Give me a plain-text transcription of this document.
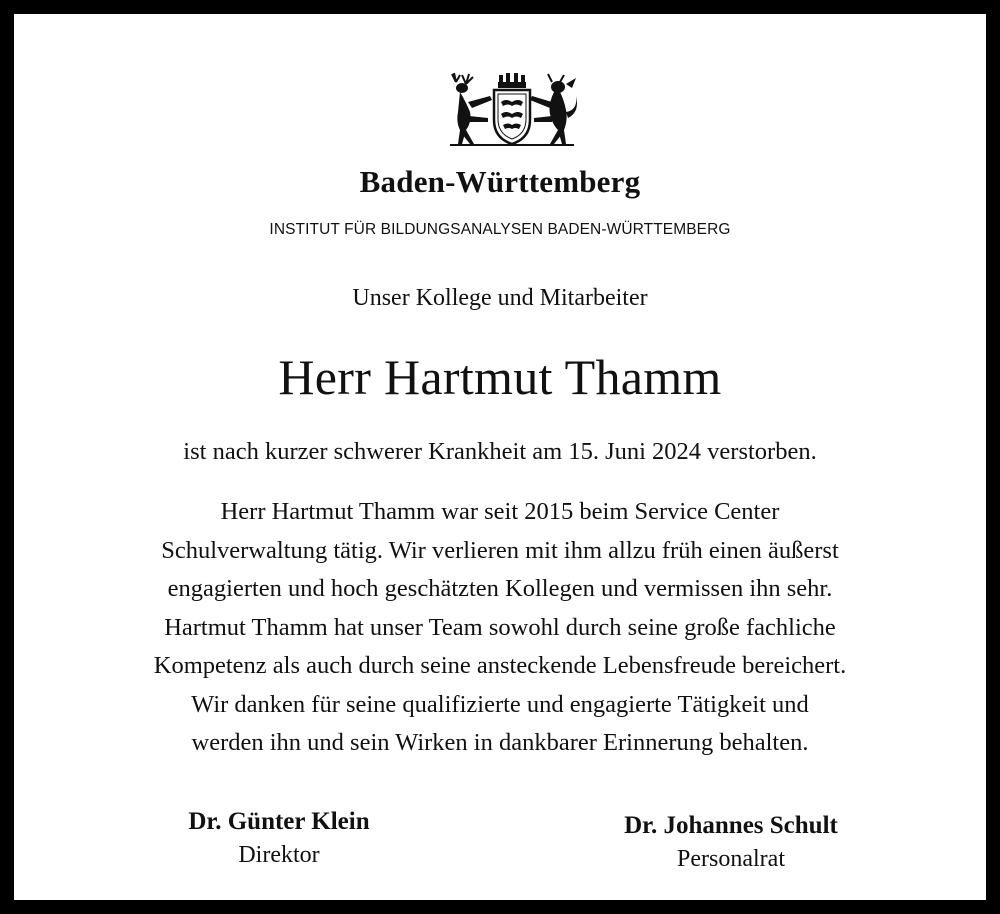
Baden-Württemberg
INSTITUT FÜR BILDUNGSANALYSEN BADEN-WÜRTTEMBERG
Unser Kollege und Mitarbeiter
Herr Hartmut Thamm
ist nach kurzer schwerer Krankheit am 15. Juni 2024 verstorben.
Herr Hartmut Thamm war seit 2015 beim Service Center
Schulverwaltung tätig. Wir verlieren mit ihm allzu früh einen äußerst
engagierten und hoch geschätzten Kollegen und vermissen ihn sehr.
Hartmut Thamm hat unser Team sowohl durch seine große fachliche
Kompetenz als auch durch seine ansteckende Lebensfreude bereichert.
Wir danken für seine qualifizierte und engagierte Tätigkeit und
werden ihn und sein Wirken in dankbarer Erinnerung behalten.
Dr. Günter Klein
Direktor
Dr. Johannes Schult
Personalrat
